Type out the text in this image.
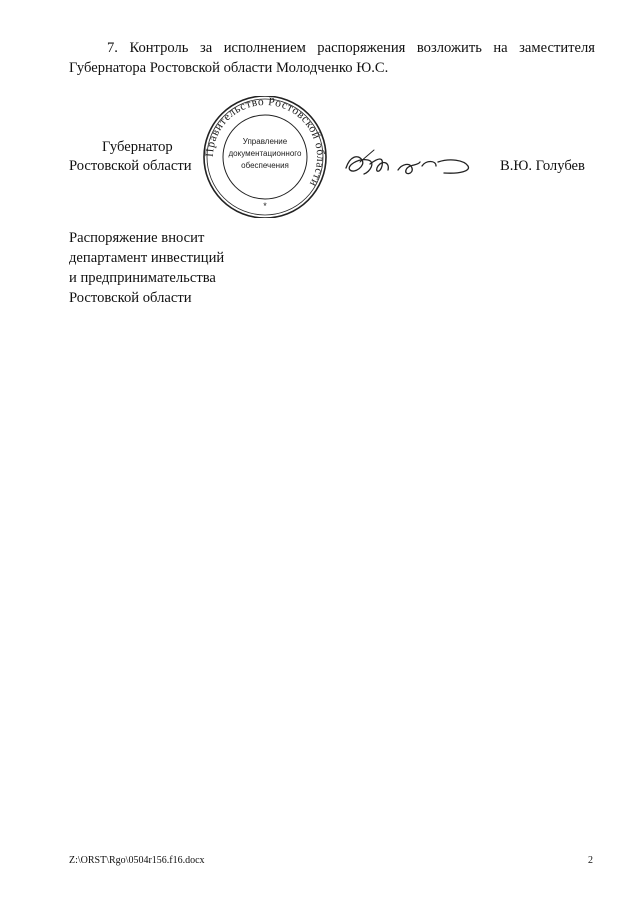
7. Контроль за исполнением распоряжения возложить на заместителя
Губернатора Ростовской области Молодченко Ю.С.
Губернатор
Ростовской области
Правительство Ростовской области
Управление
документационного
обеспечения
*
В.Ю. Голубев
Распоряжение вносит
департамент инвестиций
и предпринимательства
Ростовской области
Z:\ORST\Rgo\0504r156.f16.docx	2
